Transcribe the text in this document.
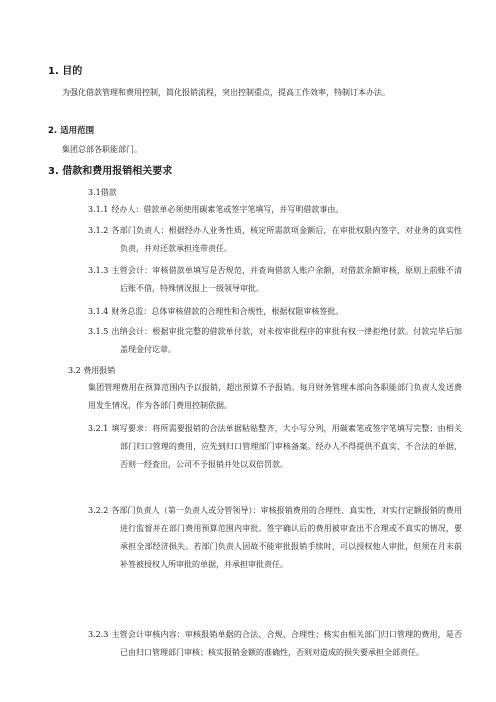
1. 目的
为强化借款管理和费用控制，简化报销流程，突出控制重点，提高工作效率，特制订本办法。
2. 适用范围
集团总部各职能部门。
3. 借款和费用报销相关要求
3.1借款
3.1.1 经办人：借款单必须使用碳素笔或签字笔填写，并写明借款事由。
3.1.2 各部门负责人：根据经办人业务性质，核定所需款项金额后，在审批权限内签字，对业务的真实性负责，并对还款承担连带责任。
3.1.3 主管会计：审核借款单填写是否规范，并查询借款人账户余额，对借款余额审核，原则上前账不清后账不借，特殊情况报上一级领导审批。
3.1.4 财务总监：总体审核借款的合理性和合规性，根据权限审核签批。
3.1.5 出纳会计：根据审批完整的借款单付款，对未按审批程序的审批有权一律拒绝付款。付款完毕后加盖现金付讫章。
3.2 费用报销
集团管理费用在预算范围内予以报销，超出预算不予报销。每月财务管理本部向各职能部门负责人发送费用发生情况，作为各部门费用控制依据。
3.2.1 填写要求：将所需要报销的合法单据粘贴整齐，大小写分列，用碳素笔或签字笔填写完整；由相关部门归口管理的费用，应先到归口管理部门审核备案。经办人不得提供不真实、不合法的单据，否则一经查出，公司不予报销并处以双倍罚款。
3.2.2 各部门负责人（第一负责人或分管领导）：审核报销费用的合理性、真实性，对实行定额报销的费用进行监督并在部门费用预算范围内审批。签字确认后的费用被审查出不合理或不真实的情况，要承担全部经济损失。若部门负责人因故不能审批报销手续时，可以授权他人审批，但须在月末前补签被授权人所审批的单据，并承担审批责任。
3.2.3 主管会计审核内容：审核报销单据的合法、合规、合理性；核实由相关部门归口管理的费用，是否已由归口管理部门审核；核实报销金额的准确性，否则对造成的损失要承担全部责任。
